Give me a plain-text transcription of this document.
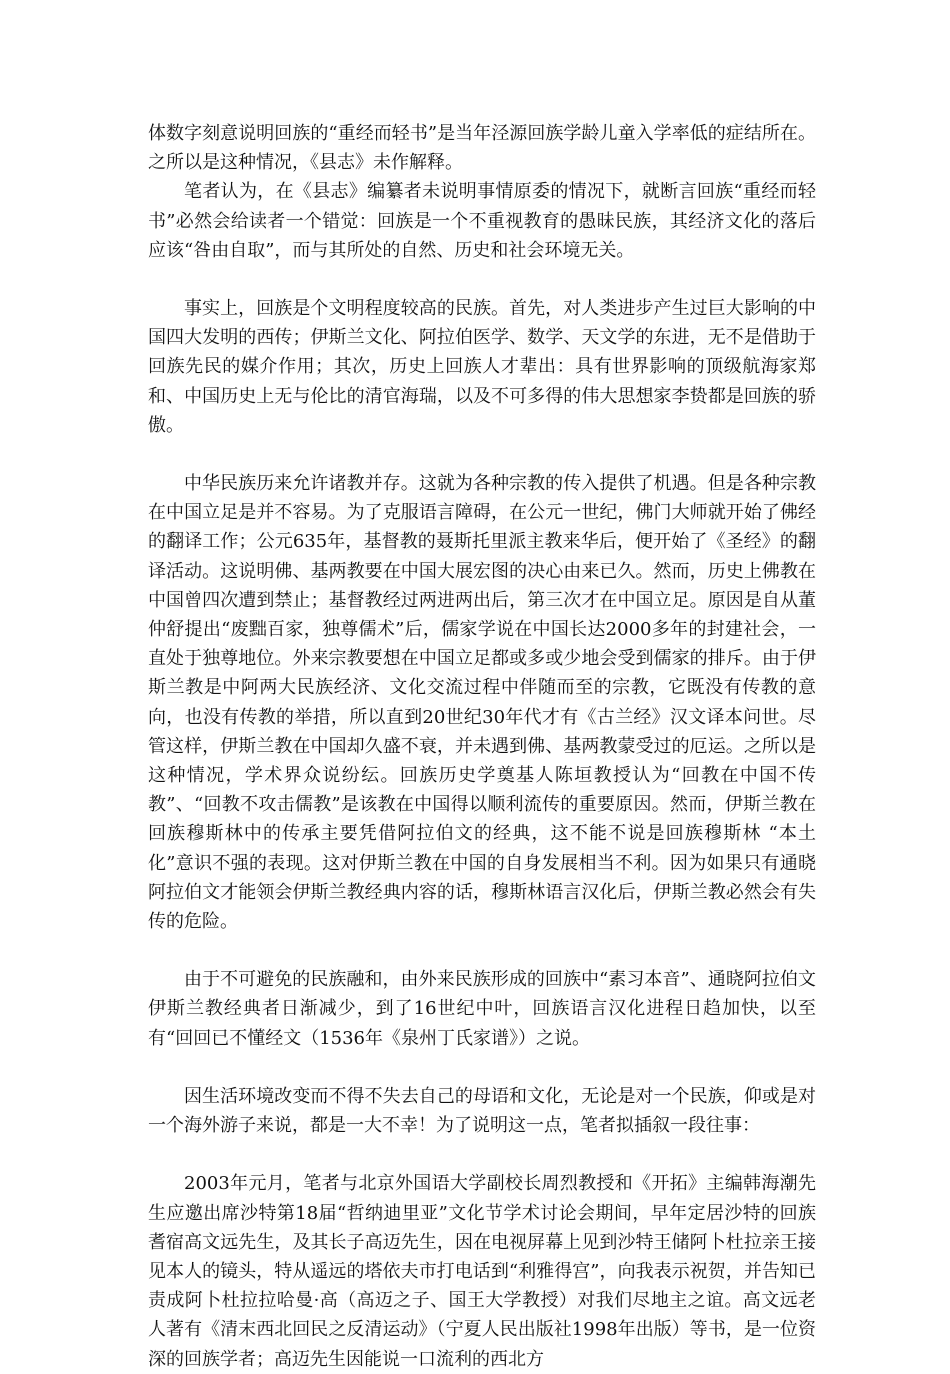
体数字刻意说明回族的“重经而轻书”是当年泾源回族学龄儿童入学率低的症结所在。之所以是这种情况，《县志》未作解释。

笔者认为，在《县志》编纂者未说明事情原委的情况下，就断言回族“重经而轻书”必然会给读者一个错觉：回族是一个不重视教育的愚昧民族，其经济文化的落后应该“咎由自取”，而与其所处的自然、历史和社会环境无关。

事实上，回族是个文明程度较高的民族。首先，对人类进步产生过巨大影响的中国四大发明的西传；伊斯兰文化、阿拉伯医学、数学、天文学的东进，无不是借助于回族先民的媒介作用；其次，历史上回族人才辈出：具有世界影响的顶级航海家郑和、中国历史上无与伦比的清官海瑞，以及不可多得的伟大思想家李贽都是回族的骄傲。

中华民族历来允许诸教并存。这就为各种宗教的传入提供了机遇。但是各种宗教在中国立足是并不容易。为了克服语言障碍，在公元一世纪，佛门大师就开始了佛经的翻译工作；公元635年，基督教的聂斯托里派主教来华后，便开始了《圣经》的翻译活动。这说明佛、基两教要在中国大展宏图的决心由来已久。然而，历史上佛教在中国曾四次遭到禁止；基督教经过两进两出后，第三次才在中国立足。原因是自从董仲舒提出“废黜百家，独尊儒术”后，儒家学说在中国长达2000多年的封建社会，一直处于独尊地位。外来宗教要想在中国立足都或多或少地会受到儒家的排斥。由于伊斯兰教是中阿两大民族经济、文化交流过程中伴随而至的宗教，它既没有传教的意向，也没有传教的举措，所以直到20世纪30年代才有《古兰经》汉文译本问世。尽管这样，伊斯兰教在中国却久盛不衰，并未遇到佛、基两教蒙受过的厄运。之所以是这种情况，学术界众说纷纭。回族历史学奠基人陈垣教授认为“回教在中国不传教”、“回教不攻击儒教”是该教在中国得以顺利流传的重要原因。然而，伊斯兰教在回族穆斯林中的传承主要凭借阿拉伯文的经典，这不能不说是回族穆斯林 “本土化”意识不强的表现。这对伊斯兰教在中国的自身发展相当不利。因为如果只有通晓阿拉伯文才能领会伊斯兰教经典内容的话，穆斯林语言汉化后，伊斯兰教必然会有失传的危险。

由于不可避免的民族融和，由外来民族形成的回族中“素习本音”、通晓阿拉伯文伊斯兰教经典者日渐减少，到了16世纪中叶，回族语言汉化进程日趋加快，以至有“回回已不懂经文（1536年《泉州丁氏家谱》）之说。

因生活环境改变而不得不失去自己的母语和文化，无论是对一个民族，仰或是对一个海外游子来说，都是一大不幸！为了说明这一点，笔者拟插叙一段往事：

2003年元月，笔者与北京外国语大学副校长周烈教授和《开拓》主编韩海潮先生应邀出席沙特第18届“哲纳迪里亚”文化节学术讨论会期间，早年定居沙特的回族耆宿高文远先生，及其长子高迈先生，因在电视屏幕上见到沙特王储阿卜杜拉亲王接见本人的镜头，特从遥远的塔依夫市打电话到“利雅得宫”，向我表示祝贺，并告知已责成阿卜杜拉拉哈曼·高（高迈之子、国王大学教授）对我们尽地主之谊。高文远老人著有《清末西北回民之反清运动》（宁夏人民出版社1998年出版）等书，是一位资深的回族学者；高迈先生因能说一口流利的西北方
